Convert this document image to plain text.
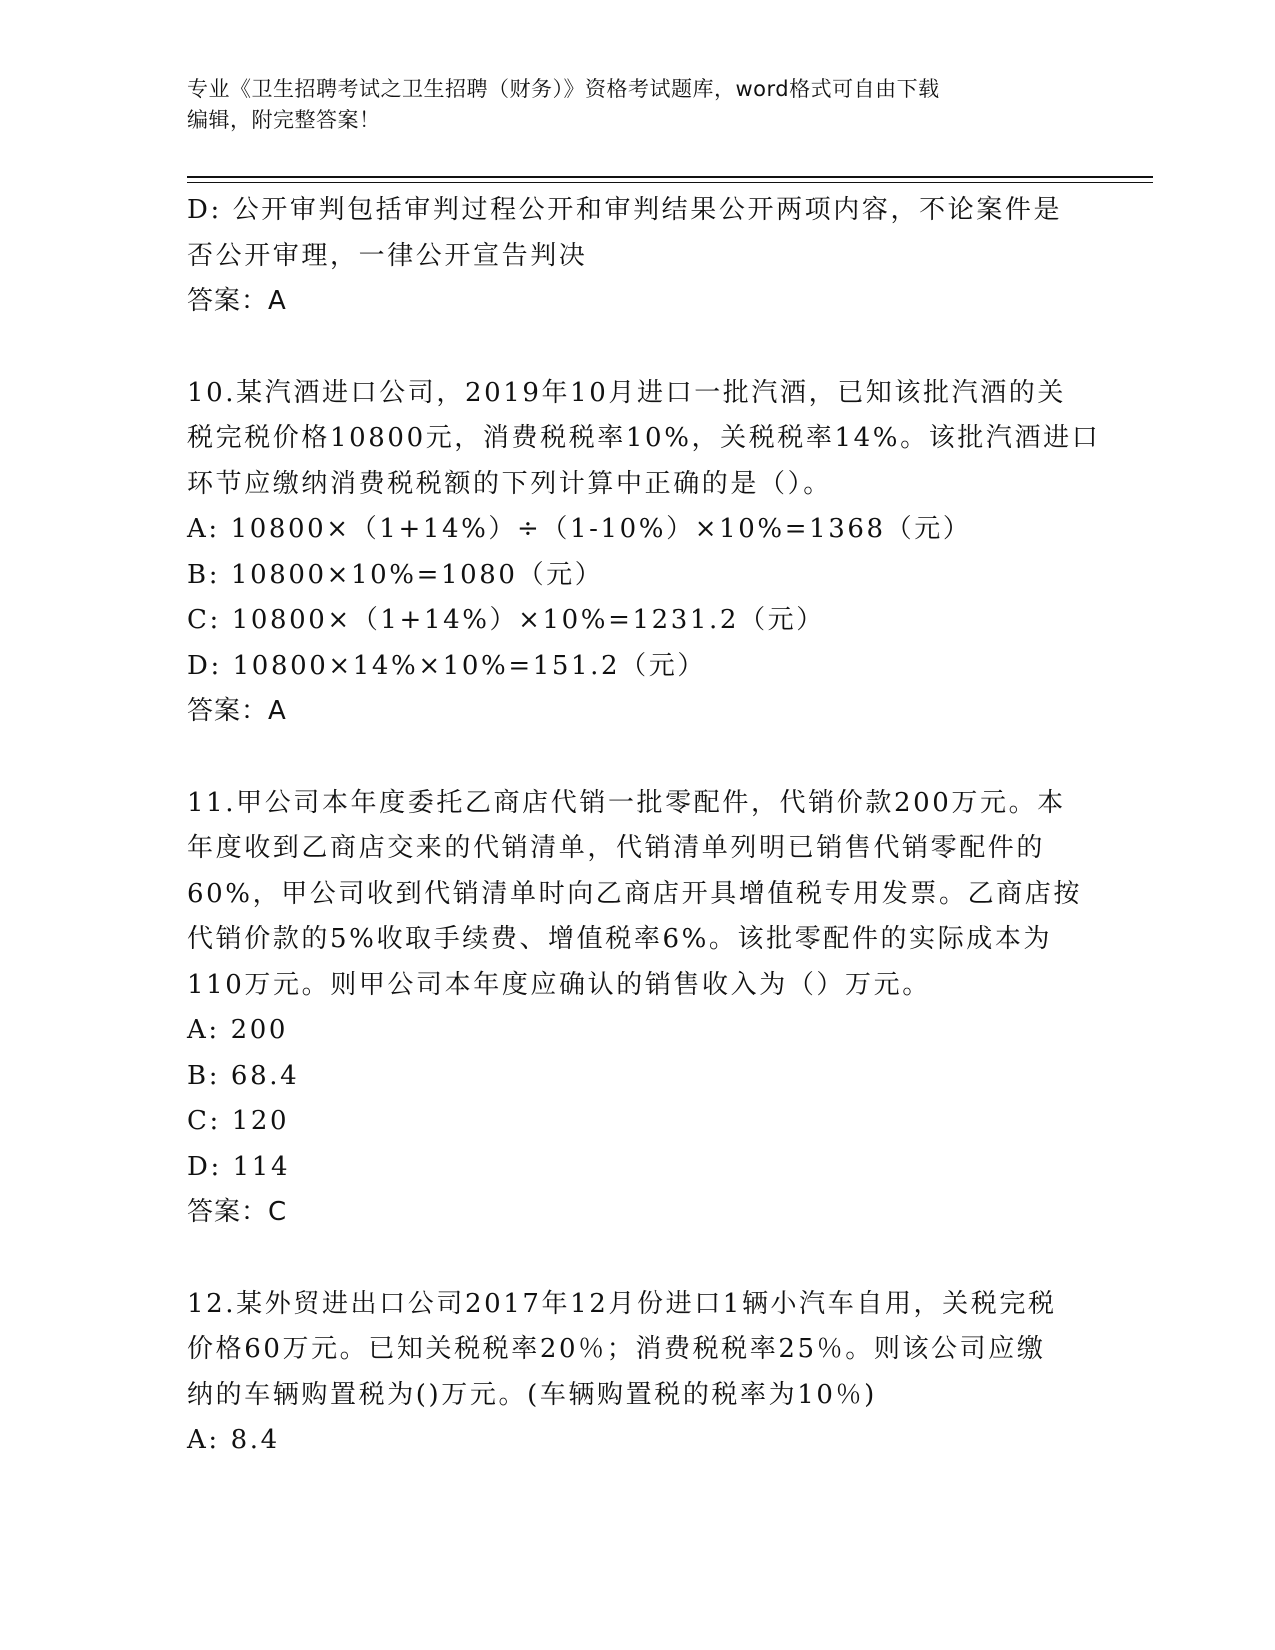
专业《卫生招聘考试之卫生招聘（财务）》资格考试题库，word格式可自由下载
编辑，附完整答案！
D: 公开审判包括审判过程公开和审判结果公开两项内容，不论案件是
否公开审理，一律公开宣告判决
答案：A
10.某汽酒进口公司，2019年10月进口一批汽酒，已知该批汽酒的关
税完税价格10800元，消费税税率10%，关税税率14%。该批汽酒进口
环节应缴纳消费税税额的下列计算中正确的是（）。
A: 10800×（1+14%）÷（1-10%）×10%=1368（元）
B: 10800×10%=1080（元）
C: 10800×（1+14%）×10%=1231.2（元）
D: 10800×14%×10%=151.2（元）
答案：A
11.甲公司本年度委托乙商店代销一批零配件，代销价款200万元。本
年度收到乙商店交来的代销清单，代销清单列明已销售代销零配件的
60%，甲公司收到代销清单时向乙商店开具增值税专用发票。乙商店按
代销价款的5%收取手续费、增值税率6%。该批零配件的实际成本为
110万元。则甲公司本年度应确认的销售收入为（）万元。
A: 200
B: 68.4
C: 120
D: 114
答案：C
12.某外贸进出口公司2017年12月份进口1辆小汽车自用，关税完税
价格60万元。已知关税税率20％；消费税税率25％。则该公司应缴
纳的车辆购置税为()万元。(车辆购置税的税率为10％)
A: 8.4
